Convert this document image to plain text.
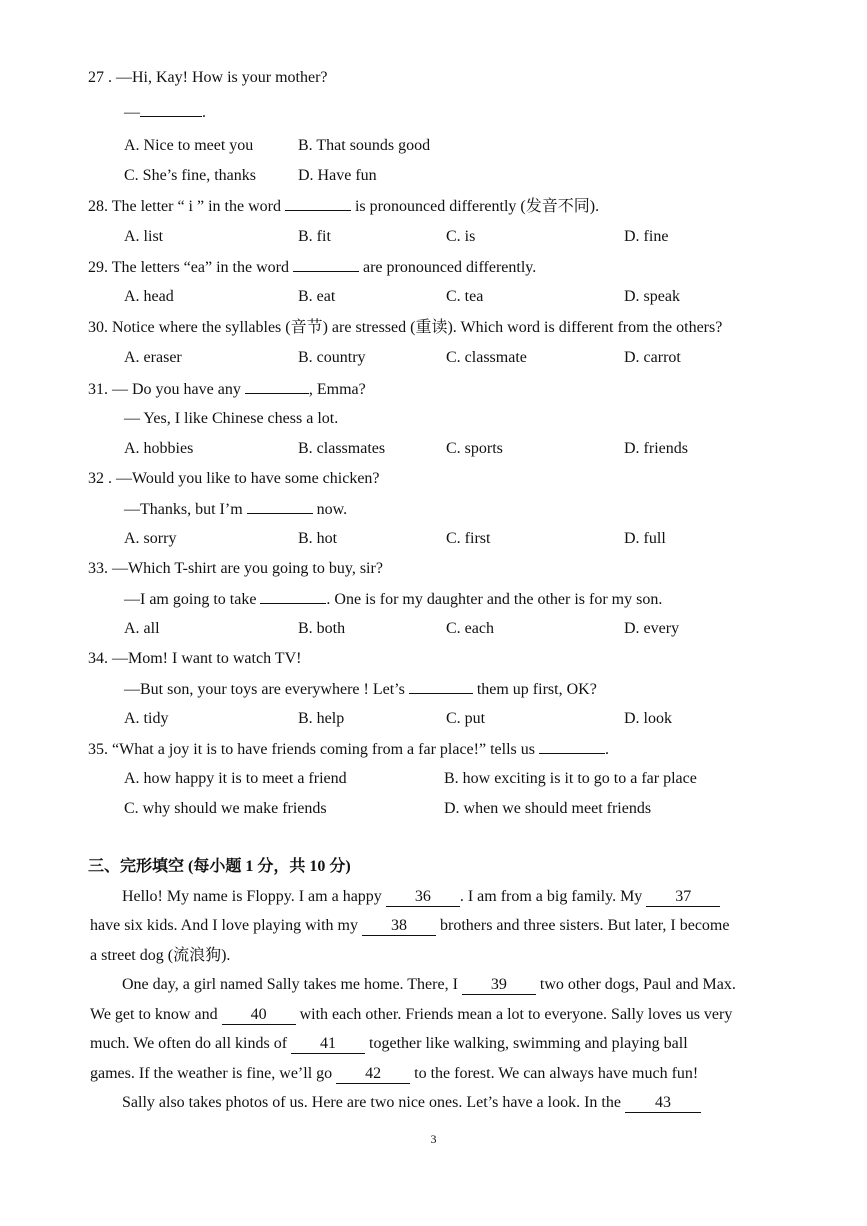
27 . —Hi, Kay! How is your mother?
—	.
A. Nice to meet you	B. That sounds good
C. She’s fine, thanks	D. Have fun
28. The letter “ i ” in the word	is pronounced differently (发音不同).
A. list	B. fit	C. is	D. fine
29. The letters “ea” in the word	are pronounced differently.
A. head	B. eat	C. tea	D. speak
30. Notice where the syllables (音节) are stressed (重读). Which word is different from the others?
A. eraser	B. country	C. classmate	D. carrot
31. — Do you have any	, Emma?
— Yes, I like Chinese chess a lot.
A. hobbies	B. classmates	C. sports	D. friends
32 . —Would you like to have some chicken?
—Thanks, but I’m	now.
A. sorry	B. hot	C. first	D. full
33. —Which T-shirt are you going to buy, sir?
—I am going to take	. One is for my daughter and the other is for my son.
A. all	B. both	C. each	D. every
34. —Mom! I want to watch TV!
—But son, your toys are everywhere ! Let’s	them up first, OK?
A. tidy	B. help	C. put	D. look
35. “What a joy it is to have friends coming from a far place!” tells us	.
A. how happy it is to meet a friend	B. how exciting is it to go to a far place
C. why should we make friends	D. when we should meet friends
三、完形填空 (每小题 1 分，共 10 分)
Hello! My name is Floppy. I am a happy 36 . I am from a big family. My 37
have six kids. And I love playing with my 38 brothers and three sisters. But later, I become
a street dog (流浪狗).
One day, a girl named Sally takes me home. There, I 39 two other dogs, Paul and Max.
We get to know and 40 with each other. Friends mean a lot to everyone. Sally loves us very
much. We often do all kinds of 41 together like walking, swimming and playing ball
games. If the weather is fine, we’ll go 42 to the forest. We can always have much fun!
Sally also takes photos of us. Here are two nice ones. Let’s have a look. In the 43
3
